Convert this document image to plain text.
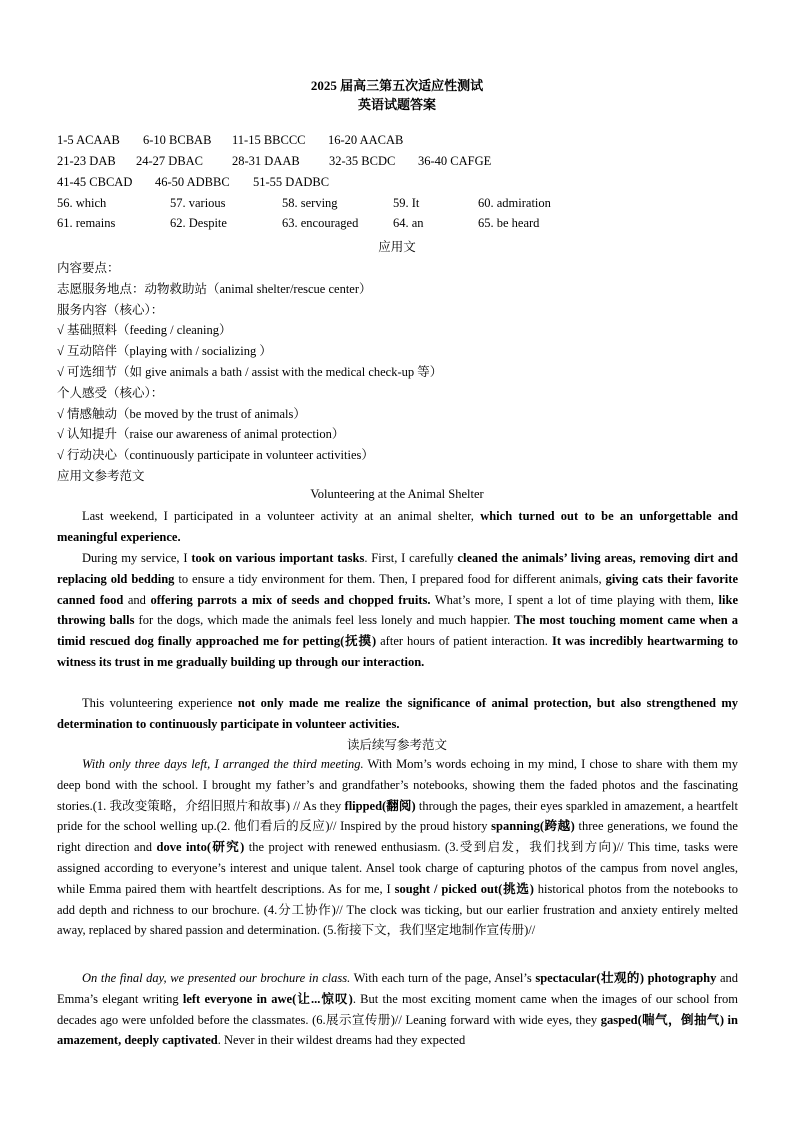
2025 届高三第五次适应性测试
英语试题答案
1-5 ACAAB 6-10 BCBAB 11-15 BBCCC 16-20 AACAB
21-23 DAB 24-27 DBAC 28-31 DAAB 32-35 BCDC 36-40 CAFGE
41-45 CBCAD 46-50 ADBBC 51-55 DADBC
56. which	57. various	58. serving	59. It	60. admiration
61. remains	62. Despite	63. encouraged	64. an	65. be heard
应用文
内容要点：
志愿服务地点：动物救助站（animal shelter/rescue center）
服务内容（核心）：
√ 基础照料（feeding / cleaning）
√ 互动陪伴（playing with / socializing ）
√ 可选细节（如 give animals a bath / assist with the medical check-up 等）
个人感受（核心）：
√ 情感触动（be moved by the trust of animals）
√ 认知提升（raise our awareness of animal protection）
√ 行动决心（continuously participate in volunteer activities）
应用文参考范文
Volunteering at the Animal Shelter

Last weekend, I participated in a volunteer activity at an animal shelter, which turned out to be an unforgettable and meaningful experience.

During my service, I took on various important tasks. First, I carefully cleaned the animals’ living areas, removing dirt and replacing old bedding to ensure a tidy environment for them. Then, I prepared food for different animals, giving cats their favorite canned food and offering parrots a mix of seeds and chopped fruits. What’s more, I spent a lot of time playing with them, like throwing balls for the dogs, which made the animals feel less lonely and much happier. The most touching moment came when a timid rescued dog finally approached me for petting(抚摸) after hours of patient interaction. It was incredibly heartwarming to witness its trust in me gradually building up through our interaction.

This volunteering experience not only made me realize the significance of animal protection, but also strengthened my determination to continuously participate in volunteer activities.

读后续写参考范文

With only three days left, I arranged the third meeting. With Mom’s words echoing in my mind, I chose to share with them my deep bond with the school. I brought my father’s and grandfather’s notebooks, showing them the faded photos and the fascinating stories.(1. 我改变策略，介绍旧照片和故事) // As they flipped(翻阅) through the pages, their eyes sparkled in amazement, a heartfelt pride for the school welling up.(2. 他们看后的反应)// Inspired by the proud history spanning(跨越) three generations, we found the right direction and dove into(研究) the project with renewed enthusiasm. (3.受到启发，我们找到方向)// This time, tasks were assigned according to everyone’s interest and unique talent. Ansel took charge of capturing photos of the campus from novel angles, while Emma paired them with heartfelt descriptions. As for me, I sought / picked out(挑选) historical photos from the notebooks to add depth and richness to our brochure. (4.分工协作)// The clock was ticking, but our earlier frustration and anxiety entirely melted away, replaced by shared passion and determination. (5.衔接下文，我们坚定地制作宣传册)//

On the final day, we presented our brochure in class. With each turn of the page, Ansel’s spectacular(壮观的) photography and Emma’s elegant writing left everyone in awe(让...惊叹). But the most exciting moment came when the images of our school from decades ago were unfolded before the classmates. (6.展示宣传册)// Leaning forward with wide eyes, they gasped(喘气，倒抽气) in amazement, deeply captivated. Never in their wildest dreams had they expected
